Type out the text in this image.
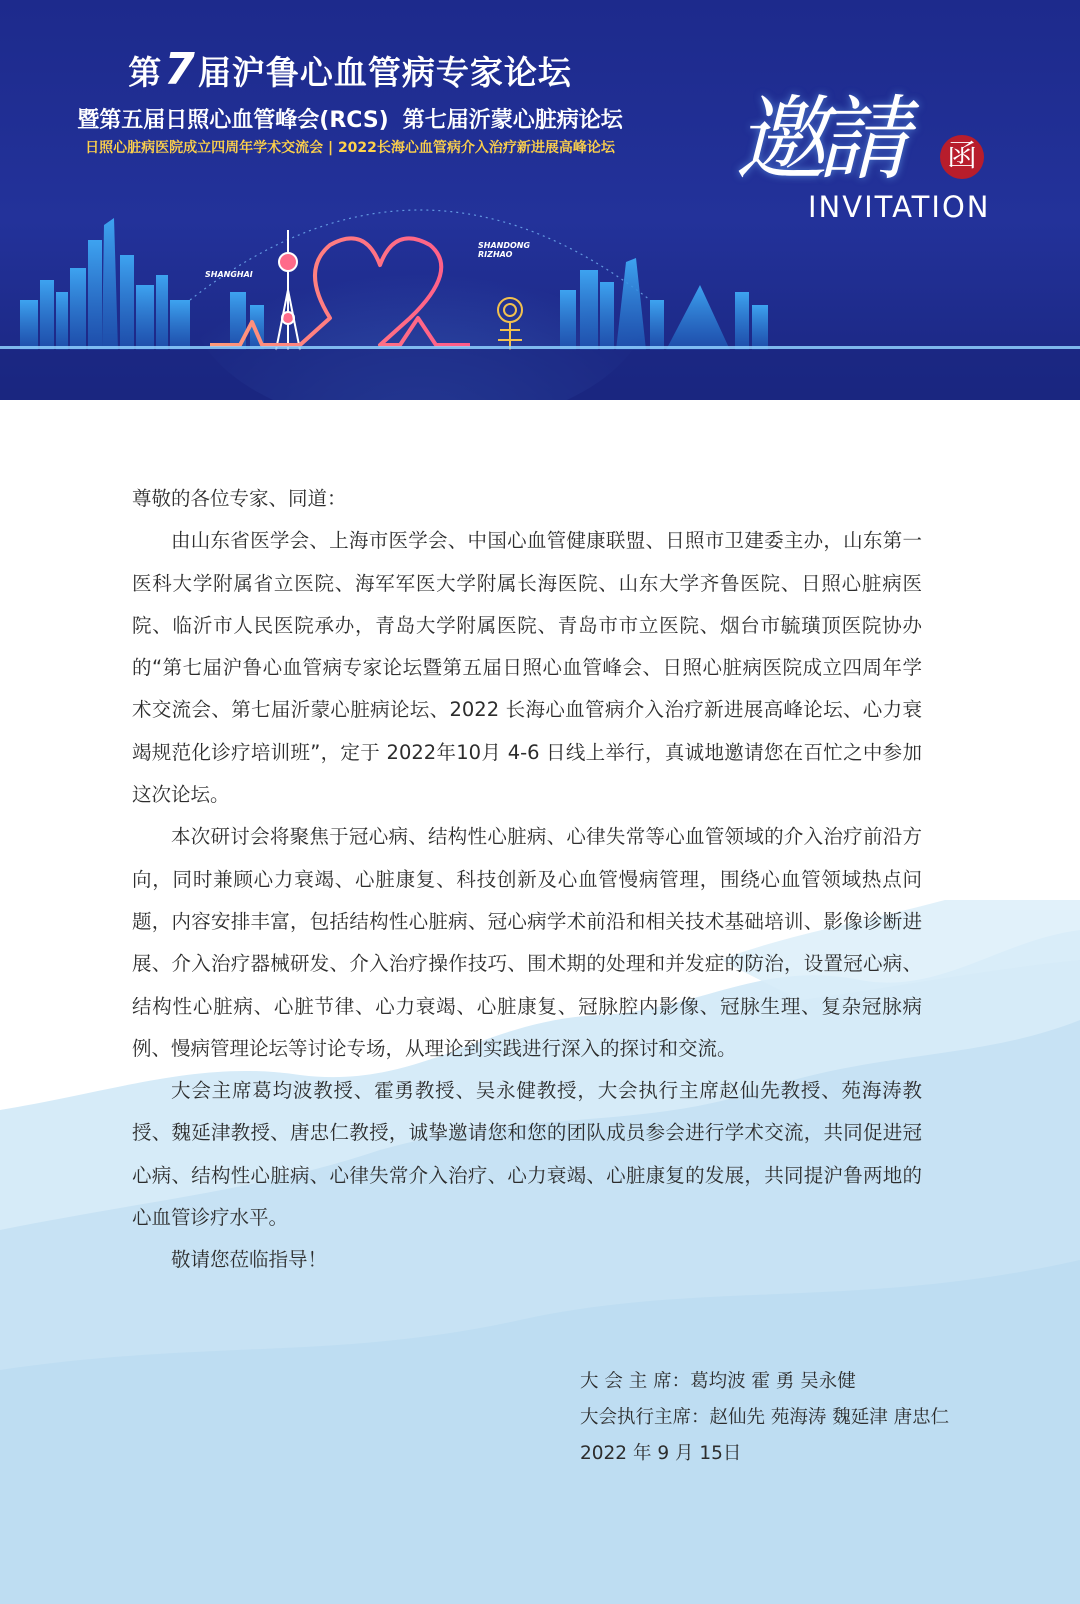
第7届沪鲁心血管病专家论坛
暨第五届日照心血管峰会(RCS) 第七届沂蒙心脏病论坛
日照心脏病医院成立四周年学术交流会 | 2022长海心血管病介入治疗新进展高峰论坛
SHANGHAI
SHANDONG
RIZHAO
邀請	函
INVITATION

尊敬的各位专家、同道：

由山东省医学会、上海市医学会、中国心血管健康联盟、日照市卫建委主办，山东第一医科大学附属省立医院、海军军医大学附属长海医院、山东大学齐鲁医院、日照心脏病医院、临沂市人民医院承办，青岛大学附属医院、青岛市市立医院、烟台市毓璜顶医院协办的“第七届沪鲁心血管病专家论坛暨第五届日照心血管峰会、日照心脏病医院成立四周年学术交流会、第七届沂蒙心脏病论坛、2022 长海心血管病介入治疗新进展高峰论坛、心力衰竭规范化诊疗培训班”，定于 2022年10月 4-6 日线上举行，真诚地邀请您在百忙之中参加这次论坛。

本次研讨会将聚焦于冠心病、结构性心脏病、心律失常等心血管领域的介入治疗前沿方向，同时兼顾心力衰竭、心脏康复、科技创新及心血管慢病管理，围绕心血管领域热点问题，内容安排丰富，包括结构性心脏病、冠心病学术前沿和相关技术基础培训、影像诊断进展、介入治疗器械研发、介入治疗操作技巧、围术期的处理和并发症的防治，设置冠心病、结构性心脏病、心脏节律、心力衰竭、心脏康复、冠脉腔内影像、冠脉生理、复杂冠脉病例、慢病管理论坛等讨论专场，从理论到实践进行深入的探讨和交流。

大会主席葛均波教授、霍勇教授、吴永健教授，大会执行主席赵仙先教授、苑海涛教授、魏延津教授、唐忠仁教授，诚挚邀请您和您的团队成员参会进行学术交流，共同促进冠心病、结构性心脏病、心律失常介入治疗、心力衰竭、心脏康复的发展，共同提沪鲁两地的心血管诊疗水平。

敬请您莅临指导！

大 会 主 席：葛均波 霍 勇 吴永健
大会执行主席：赵仙先 苑海涛 魏延津 唐忠仁
2022 年 9 月 15日
